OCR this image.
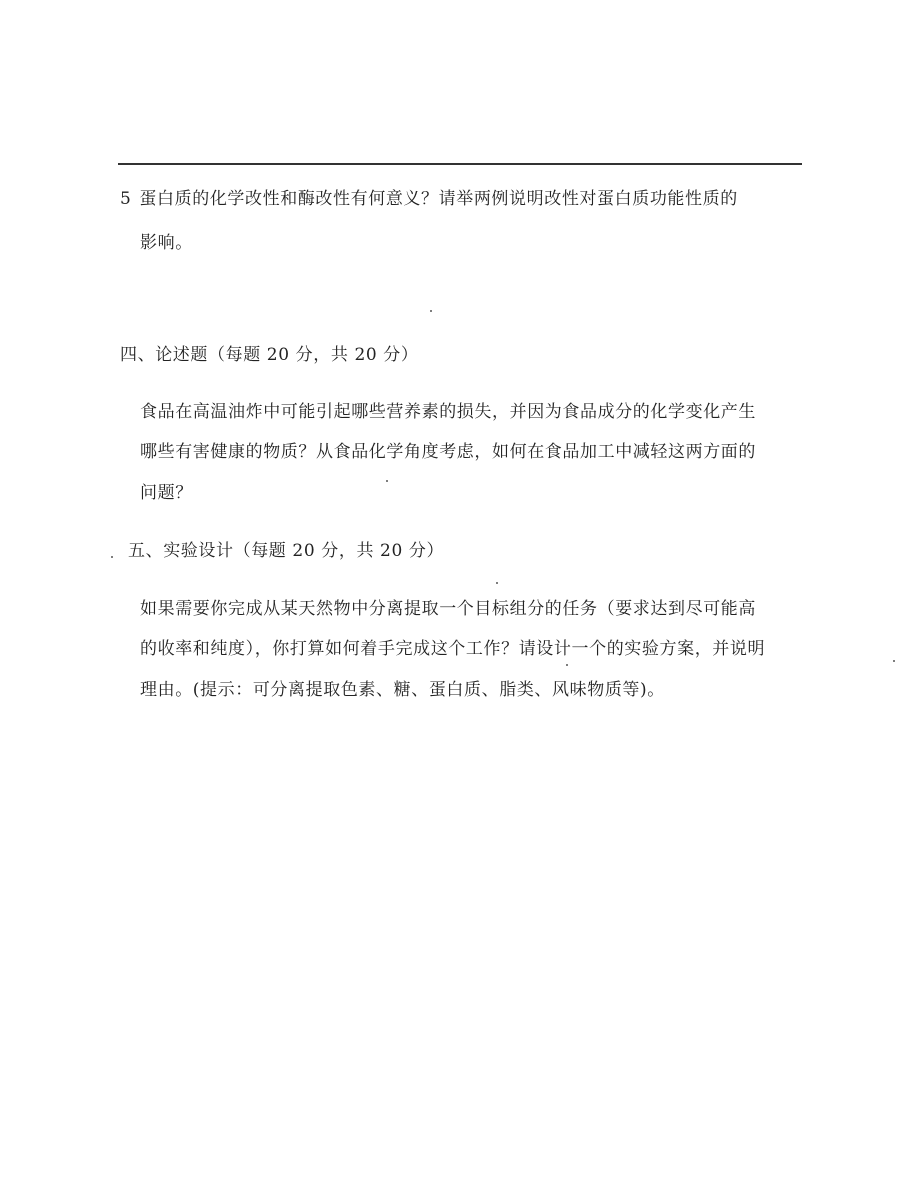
5 蛋白质的化学改性和酶改性有何意义？请举两例说明改性对蛋白质功能性质的
影响。
四、论述题（每题 20 分，共 20 分）
食品在高温油炸中可能引起哪些营养素的损失，并因为食品成分的化学变化产生
哪些有害健康的物质？从食品化学角度考虑，如何在食品加工中减轻这两方面的
问题？
五、实验设计（每题 20 分，共 20 分）
如果需要你完成从某天然物中分离提取一个目标组分的任务（要求达到尽可能高
的收率和纯度），你打算如何着手完成这个工作？请设计一个的实验方案，并说明
理由。(提示：可分离提取色素、糖、蛋白质、脂类、风味物质等)。
